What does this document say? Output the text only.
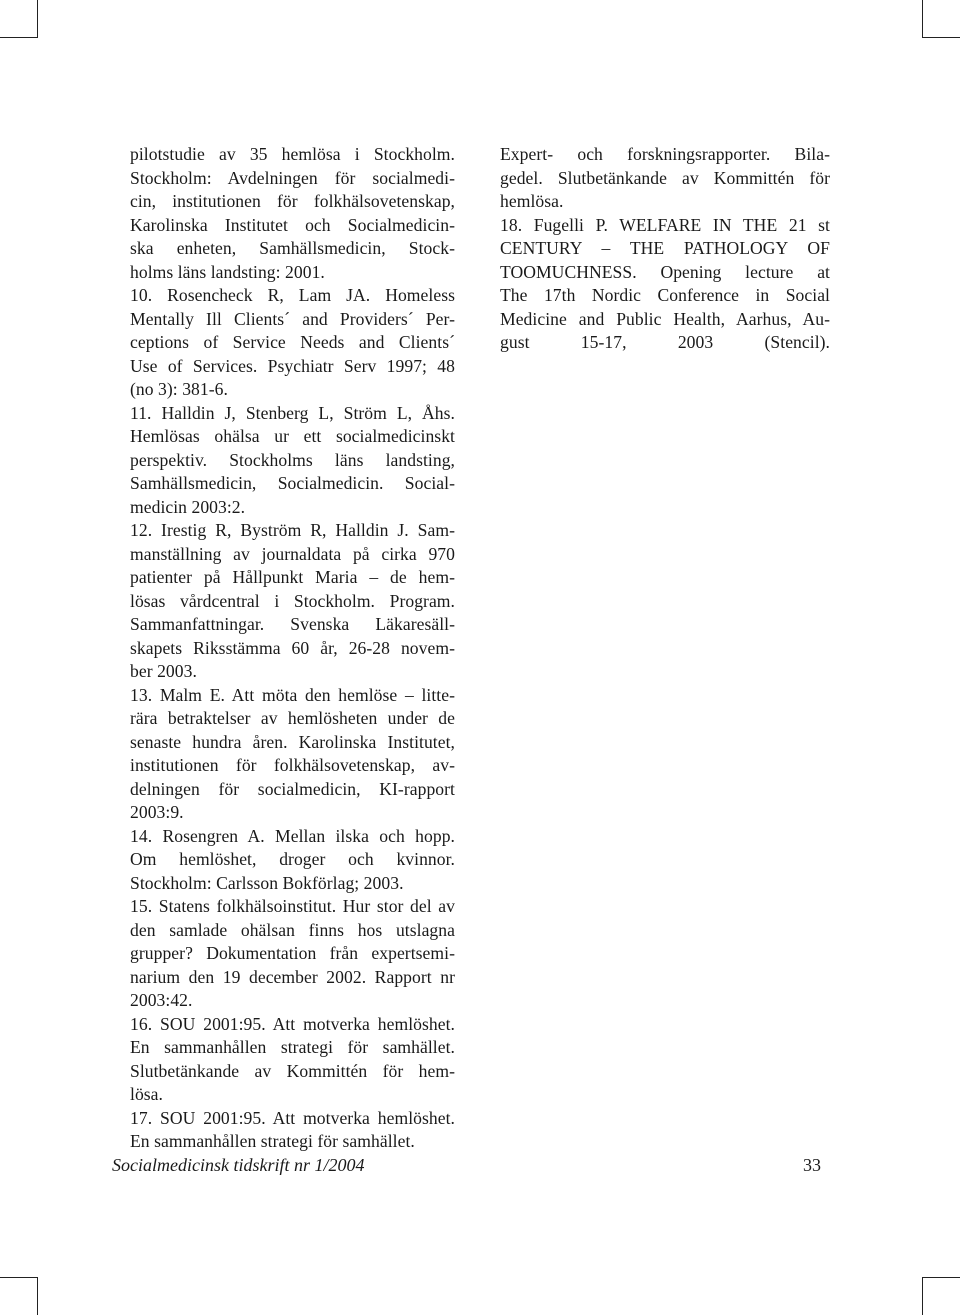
pilotstudie av 35 hemlösa i Stockholm.
Stockholm: Avdelningen för socialmedi-
cin, institutionen för folkhälsovetenskap,
Karolinska Institutet och Socialmedicin-
ska enheten, Samhällsmedicin, Stock-
holms läns landsting: 2001.
10. Rosencheck R, Lam JA. Homeless
Mentally Ill Clients´ and Providers´ Per-
ceptions of Service Needs and Clients´
Use of Services. Psychiatr Serv 1997; 48
(no 3): 381-6.
11. Halldin J, Stenberg L, Ström L, Åhs.
Hemlösas ohälsa ur ett socialmedicinskt
perspektiv. Stockholms läns landsting,
Samhällsmedicin, Socialmedicin. Social-
medicin 2003:2.
12. Irestig R, Byström R, Halldin J. Sam-
manställning av journaldata på cirka 970
patienter på Hållpunkt Maria – de hem-
lösas vårdcentral i Stockholm. Program.
Sammanfattningar. Svenska Läkaresäll-
skapets Riksstämma 60 år, 26-28 novem-
ber 2003.
13. Malm E. Att möta den hemlöse – litte-
rära betraktelser av hemlösheten under de
senaste hundra åren. Karolinska Institutet,
institutionen för folkhälsovetenskap, av-
delningen för socialmedicin, KI-rapport
2003:9.
14. Rosengren A. Mellan ilska och hopp.
Om hemlöshet, droger och kvinnor.
Stockholm: Carlsson Bokförlag; 2003.
15. Statens folkhälsoinstitut. Hur stor del av
den samlade ohälsan finns hos utslagna
grupper? Dokumentation från expertsemi-
narium den 19 december 2002. Rapport nr
2003:42.
16. SOU 2001:95. Att motverka hemlöshet.
En sammanhållen strategi för samhället.
Slutbetänkande av Kommittén för hem-
lösa.
17. SOU 2001:95. Att motverka hemlöshet.
En sammanhållen strategi för samhället.
Expert- och forskningsrapporter. Bila-
gedel. Slutbetänkande av Kommittén för
hemlösa.
18. Fugelli P. WELFARE IN THE 21 st
CENTURY – THE PATHOLOGY OF
TOOMUCHNESS. Opening lecture at
The 17th Nordic Conference in Social
Medicine and Public Health, Aarhus, Au-
gust 15-17, 2003 (Stencil).
Socialmedicinsk tidskrift nr 1/2004	33
